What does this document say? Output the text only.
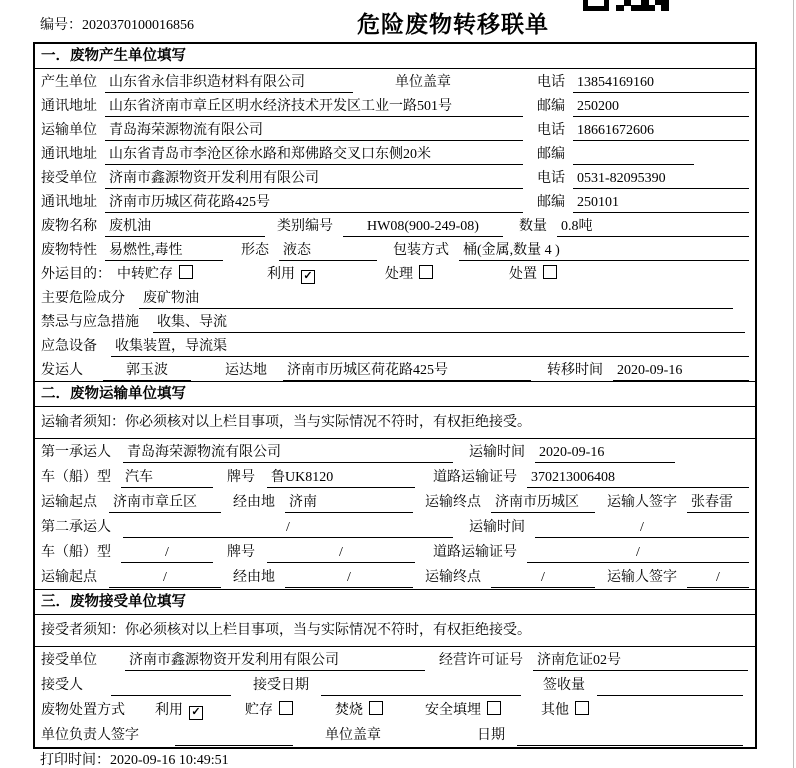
编号：2020370100016856	危险废物转移联单
一．废物产生单位填写
产生单位 山东省永信非织造材料有限公司	单位盖章	电话 13854169160
通讯地址 山东省济南市章丘区明水经济技术开发区工业一路501号	邮编 250200
运输单位 青岛海荣源物流有限公司	电话 18661672606
通讯地址 山东省青岛市李沧区徐水路和郑佛路交叉口东侧20米	邮编
接受单位 济南市鑫源物资开发利用有限公司	电话 0531-82095390
通讯地址 济南市历城区荷花路425号	邮编 250101
废物名称 废机油	类别编号	HW08(900-249-08)	数量 0.8吨
废物特性 易燃性,毒性	形态 液态	包装方式 桶(金属,数量 4 )
外运目的： 中转贮存	利用 ✓	处理	处置
主要危险成分 废矿物油
禁忌与应急措施 收集、导流
应急设备 收集装置，导流渠
发运人	郭玉波	运达地 济南市历城区荷花路425号	转移时间 2020-09-16
二．废物运输单位填写
运输者须知：你必须核对以上栏目事项，当与实际情况不符时，有权拒绝接受。
第一承运人 青岛海荣源物流有限公司	运输时间 2020-09-16
车（船）型 汽车	牌号 鲁UK8120	道路运输证号 370213006408
运输起点 济南市章丘区	经由地 济南	运输终点 济南市历城区	运输人签字 张春雷
第二承运人	/	运输时间	/
车（船）型	/	牌号	/	道路运输证号	/
运输起点	/	经由地	/	运输终点	/	运输人签字	/
三．废物接受单位填写
接受者须知：你必须核对以上栏目事项，当与实际情况不符时，有权拒绝接受。
接受单位 济南市鑫源物资开发利用有限公司	经营许可证号 济南危证02号
接受人	接受日期	签收量
废物处置方式 利用 ✓	贮存	焚烧	安全填埋	其他
单位负责人签字	单位盖章	日期
打印时间：2020-09-16 10:49:51
